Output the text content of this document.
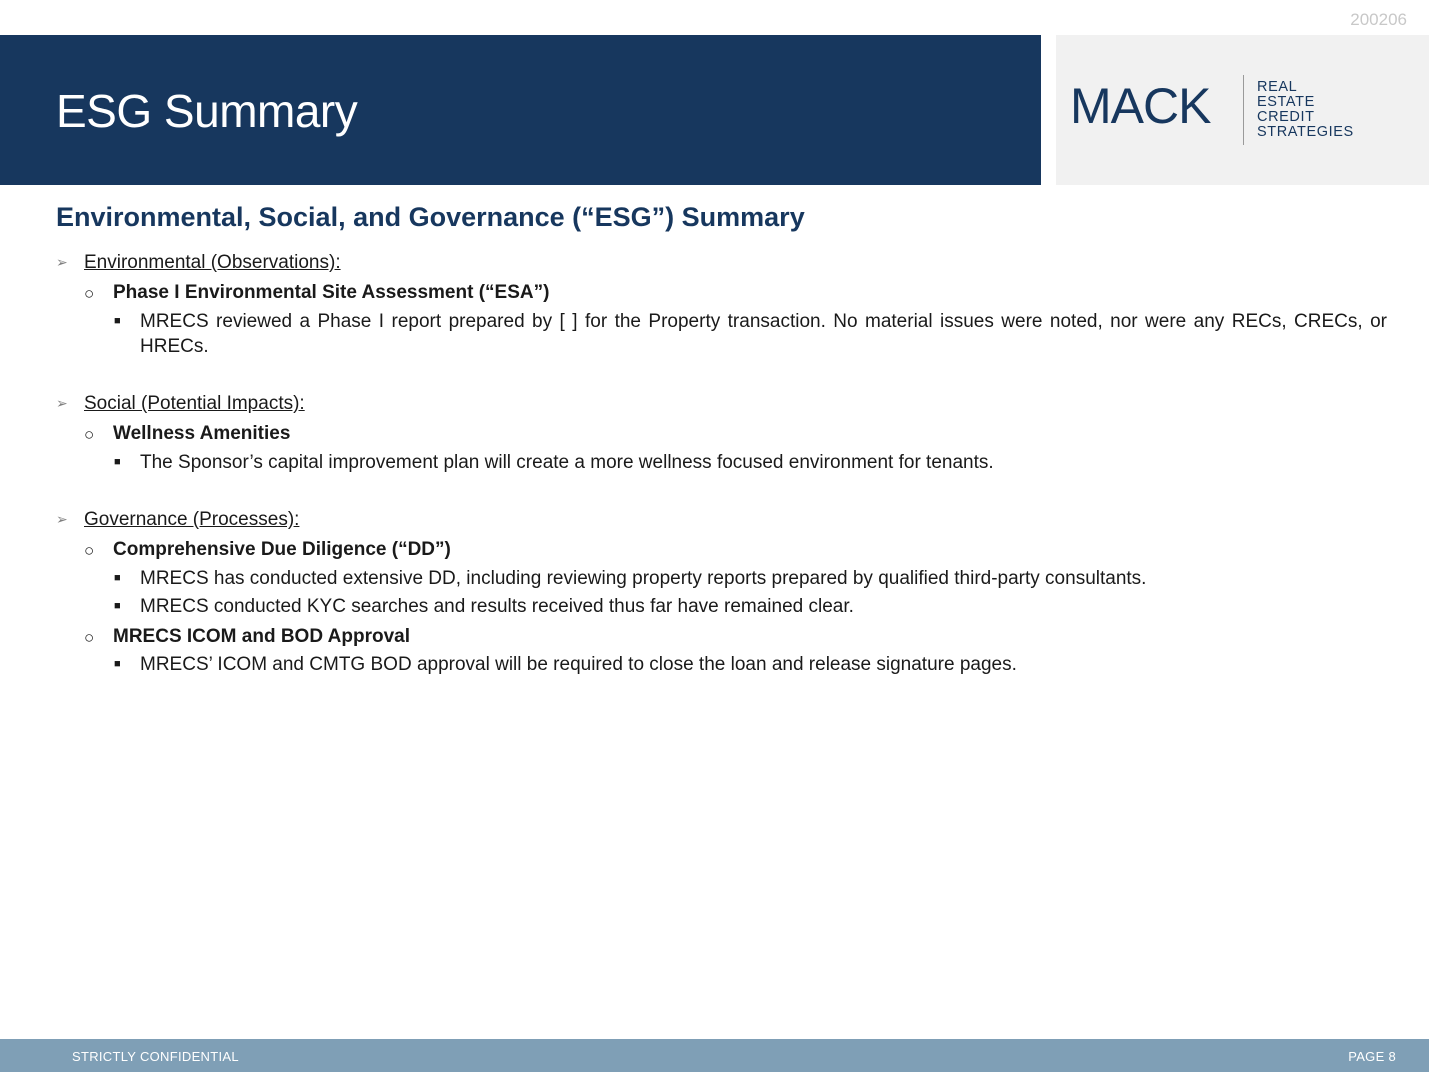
200206
ESG Summary	MACK	REAL
ESTATE
CREDIT
STRATEGIES
Environmental, Social, and Governance (“ESG”) Summary
➢ Environmental (Observations):
○ Phase I Environmental Site Assessment (“ESA”)
■ MRECS reviewed a Phase I report prepared by [ ] for the Property transaction. No material issues were noted, nor were any RECs, CRECs, or HRECs.
➢ Social (Potential Impacts):
○ Wellness Amenities
■ The Sponsor’s capital improvement plan will create a more wellness focused environment for tenants.
➢ Governance (Processes):
○ Comprehensive Due Diligence (“DD”)
■ MRECS has conducted extensive DD, including reviewing property reports prepared by qualified third-party consultants.
■ MRECS conducted KYC searches and results received thus far have remained clear.
○ MRECS ICOM and BOD Approval
■ MRECS’ ICOM and CMTG BOD approval will be required to close the loan and release signature pages.
STRICTLY CONFIDENTIAL	PAGE 8
